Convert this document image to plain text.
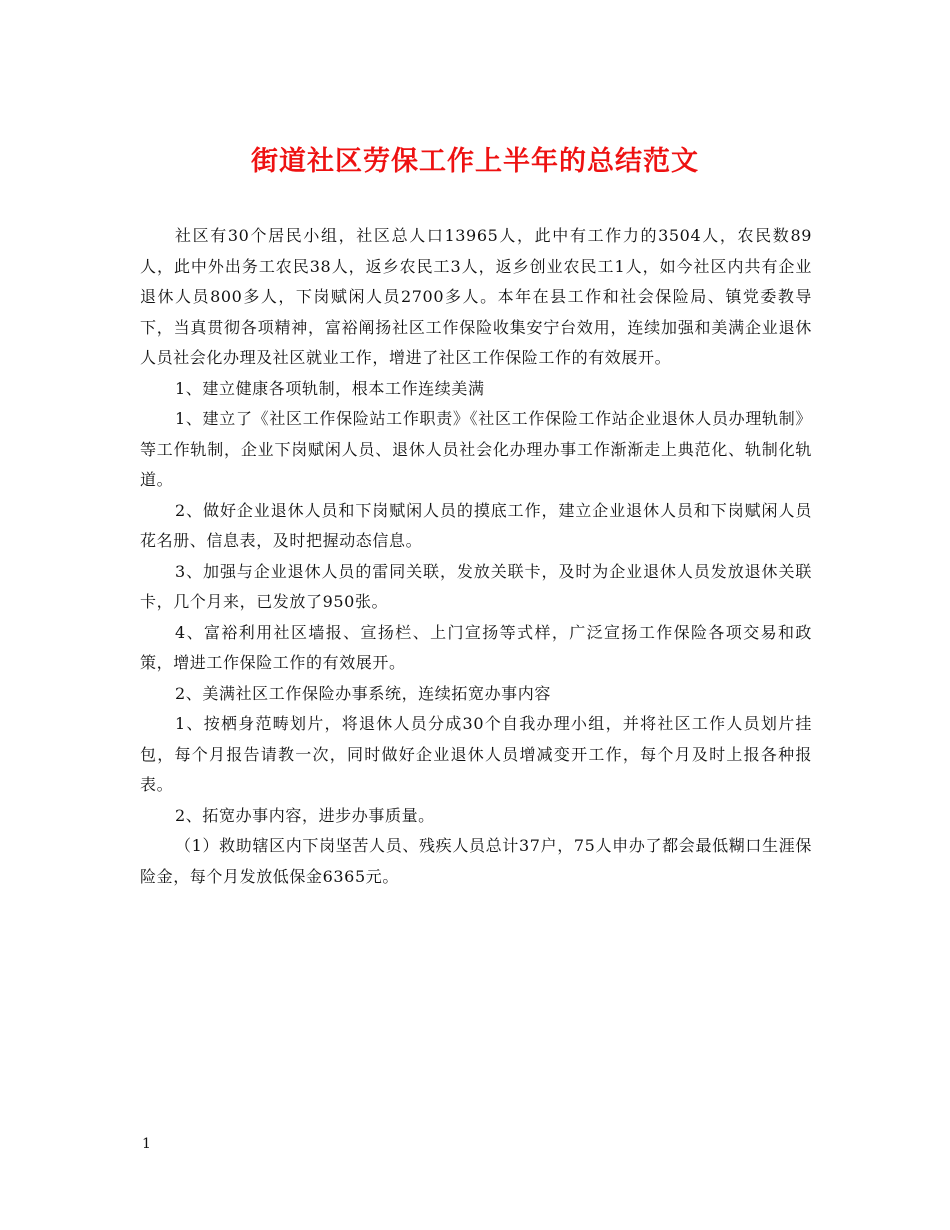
街道社区劳保工作上半年的总结范文

社区有30个居民小组，社区总人口13965人，此中有工作力的3504人，农民数89人，此中外出务工农民38人，返乡农民工3人，返乡创业农民工1人，如今社区内共有企业退休人员800多人，下岗赋闲人员2700多人。本年在县工作和社会保险局、镇党委教导下，当真贯彻各项精神，富裕阐扬社区工作保险收集安宁台效用，连续加强和美满企业退休人员社会化办理及社区就业工作，增进了社区工作保险工作的有效展开。

1、建立健康各项轨制，根本工作连续美满

1、建立了《社区工作保险站工作职责》《社区工作保险工作站企业退休人员办理轨制》等工作轨制，企业下岗赋闲人员、退休人员社会化办理办事工作渐渐走上典范化、轨制化轨道。

2、做好企业退休人员和下岗赋闲人员的摸底工作，建立企业退休人员和下岗赋闲人员花名册、信息表，及时把握动态信息。

3、加强与企业退休人员的雷同关联，发放关联卡，及时为企业退休人员发放退休关联卡，几个月来，已发放了950张。

4、富裕利用社区墙报、宣扬栏、上门宣扬等式样，广泛宣扬工作保险各项交易和政策，增进工作保险工作的有效展开。

2、美满社区工作保险办事系统，连续拓宽办事内容

1、按栖身范畴划片，将退休人员分成30个自我办理小组，并将社区工作人员划片挂包，每个月报告请教一次，同时做好企业退休人员增减变开工作，每个月及时上报各种报表。

2、拓宽办事内容，进步办事质量。

（1）救助辖区内下岗坚苦人员、残疾人员总计37户，75人申办了都会最低糊口生涯保险金，每个月发放低保金6365元。

1
